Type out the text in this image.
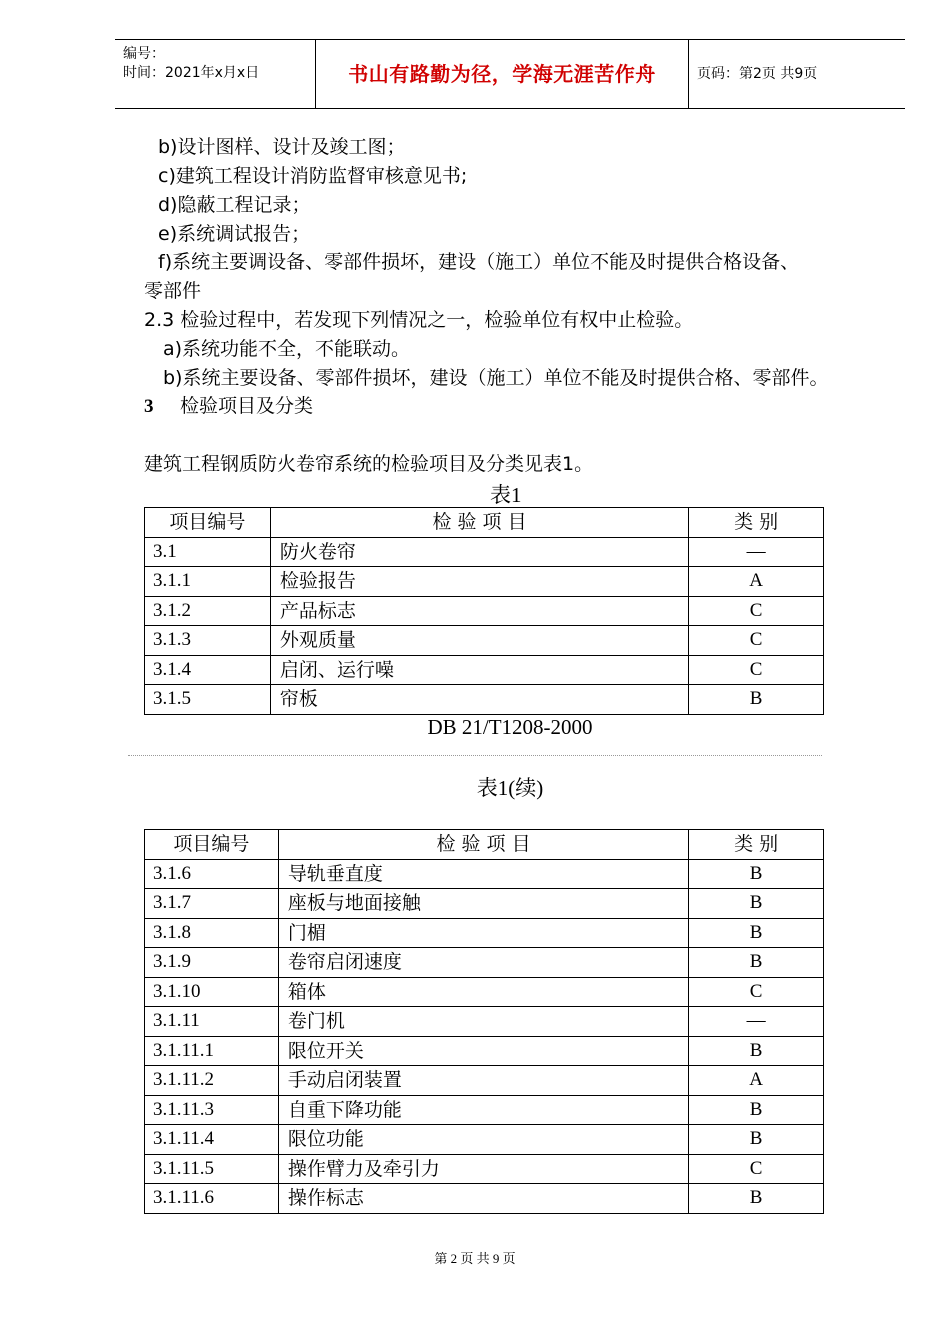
编号：
时间：2021年x月x日	书山有路勤为径，学海无涯苦作舟	页码：第2页 共9页
b)设计图样、设计及竣工图；
c)建筑工程设计消防监督审核意见书;
d)隐蔽工程记录；
e)系统调试报告；
f)系统主要调设备、零部件损坏，建设（施工）单位不能及时提供合格设备、
零部件
2.3 检验过程中，若发现下列情况之一，检验单位有权中止检验。
a)系统功能不全，不能联动。
b)系统主要设备、零部件损坏，建设（施工）单位不能及时提供合格、零部件。
3 检验项目及分类
建筑工程钢质防火卷帘系统的检验项目及分类见表1。
表1
项目编号	检 验 项 目	类 别
3.1	防火卷帘	—
3.1.1	检验报告	A
3.1.2	产品标志	C
3.1.3	外观质量	C
3.1.4	启闭、运行噪	C
3.1.5	帘板	B
DB 21/T1208-2000
表1(续)
项目编号	检 验 项 目	类 别
3.1.6	导轨垂直度	B
3.1.7	座板与地面接触	B
3.1.8	门楣	B
3.1.9	卷帘启闭速度	B
3.1.10	箱体	C
3.1.11	卷门机	—
3.1.11.1	限位开关	B
3.1.11.2	手动启闭装置	A
3.1.11.3	自重下降功能	B
3.1.11.4	限位功能	B
3.1.11.5	操作臂力及牵引力	C
3.1.11.6	操作标志	B
第 2 页 共 9 页
